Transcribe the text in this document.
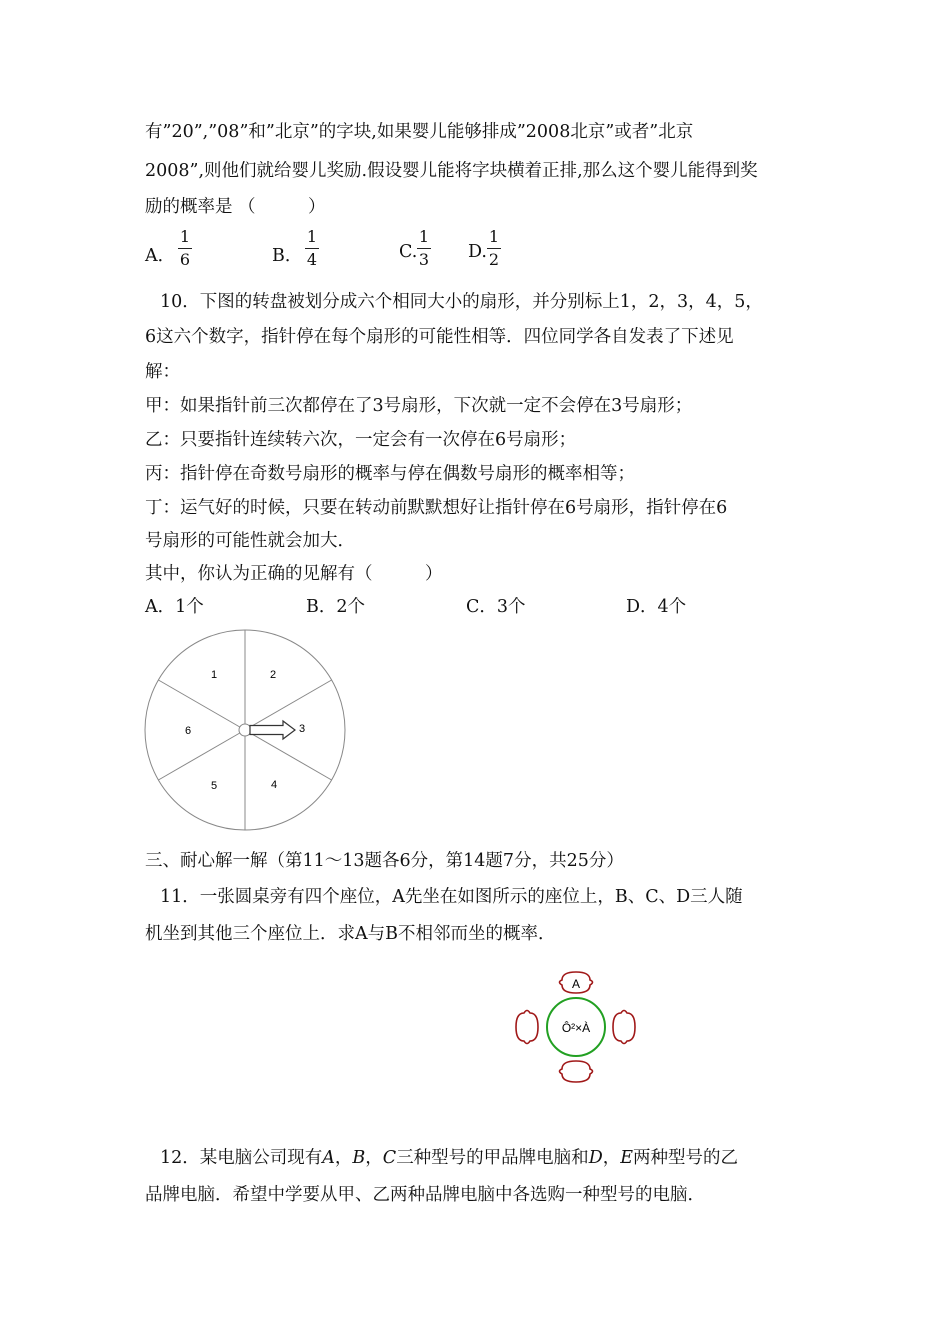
有”20”,”08”和”北京”的字块,如果婴儿能够排成”2008北京”或者”北京
2008”,则他们就给婴儿奖励.假设婴儿能将字块横着正排,那么这个婴儿能得到奖
励的概率是 （　　　）
A．
1
6	B．
1
4	C.
1
3 D.
1
2
10．下图的转盘被划分成六个相同大小的扇形，并分别标上1，2，3，4，5，
6这六个数字，指针停在每个扇形的可能性相等．四位同学各自发表了下述见
解：
甲：如果指针前三次都停在了3号扇形，下次就一定不会停在3号扇形；
乙：只要指针连续转六次，一定会有一次停在6号扇形；
丙：指针停在奇数号扇形的概率与停在偶数号扇形的概率相等；
丁：运气好的时候，只要在转动前默默想好让指针停在6号扇形，指针停在6
号扇形的可能性就会加大．
其中，你认为正确的见解有（　　　）
A．1个	B．2个	C．3个	D．4个
1	2
3
4
5
6
三、耐心解一解（第11～13题各6分，第14题7分，共25分）
11．一张圆桌旁有四个座位，A先坐在如图所示的座位上，B、C、D三人随
机坐到其他三个座位上．求A与B不相邻而坐的概率．
A
Ô²×À
12．某电脑公司现有A，B，C三种型号的甲品牌电脑和D，E两种型号的乙
品牌电脑．希望中学要从甲、乙两种品牌电脑中各选购一种型号的电脑．
